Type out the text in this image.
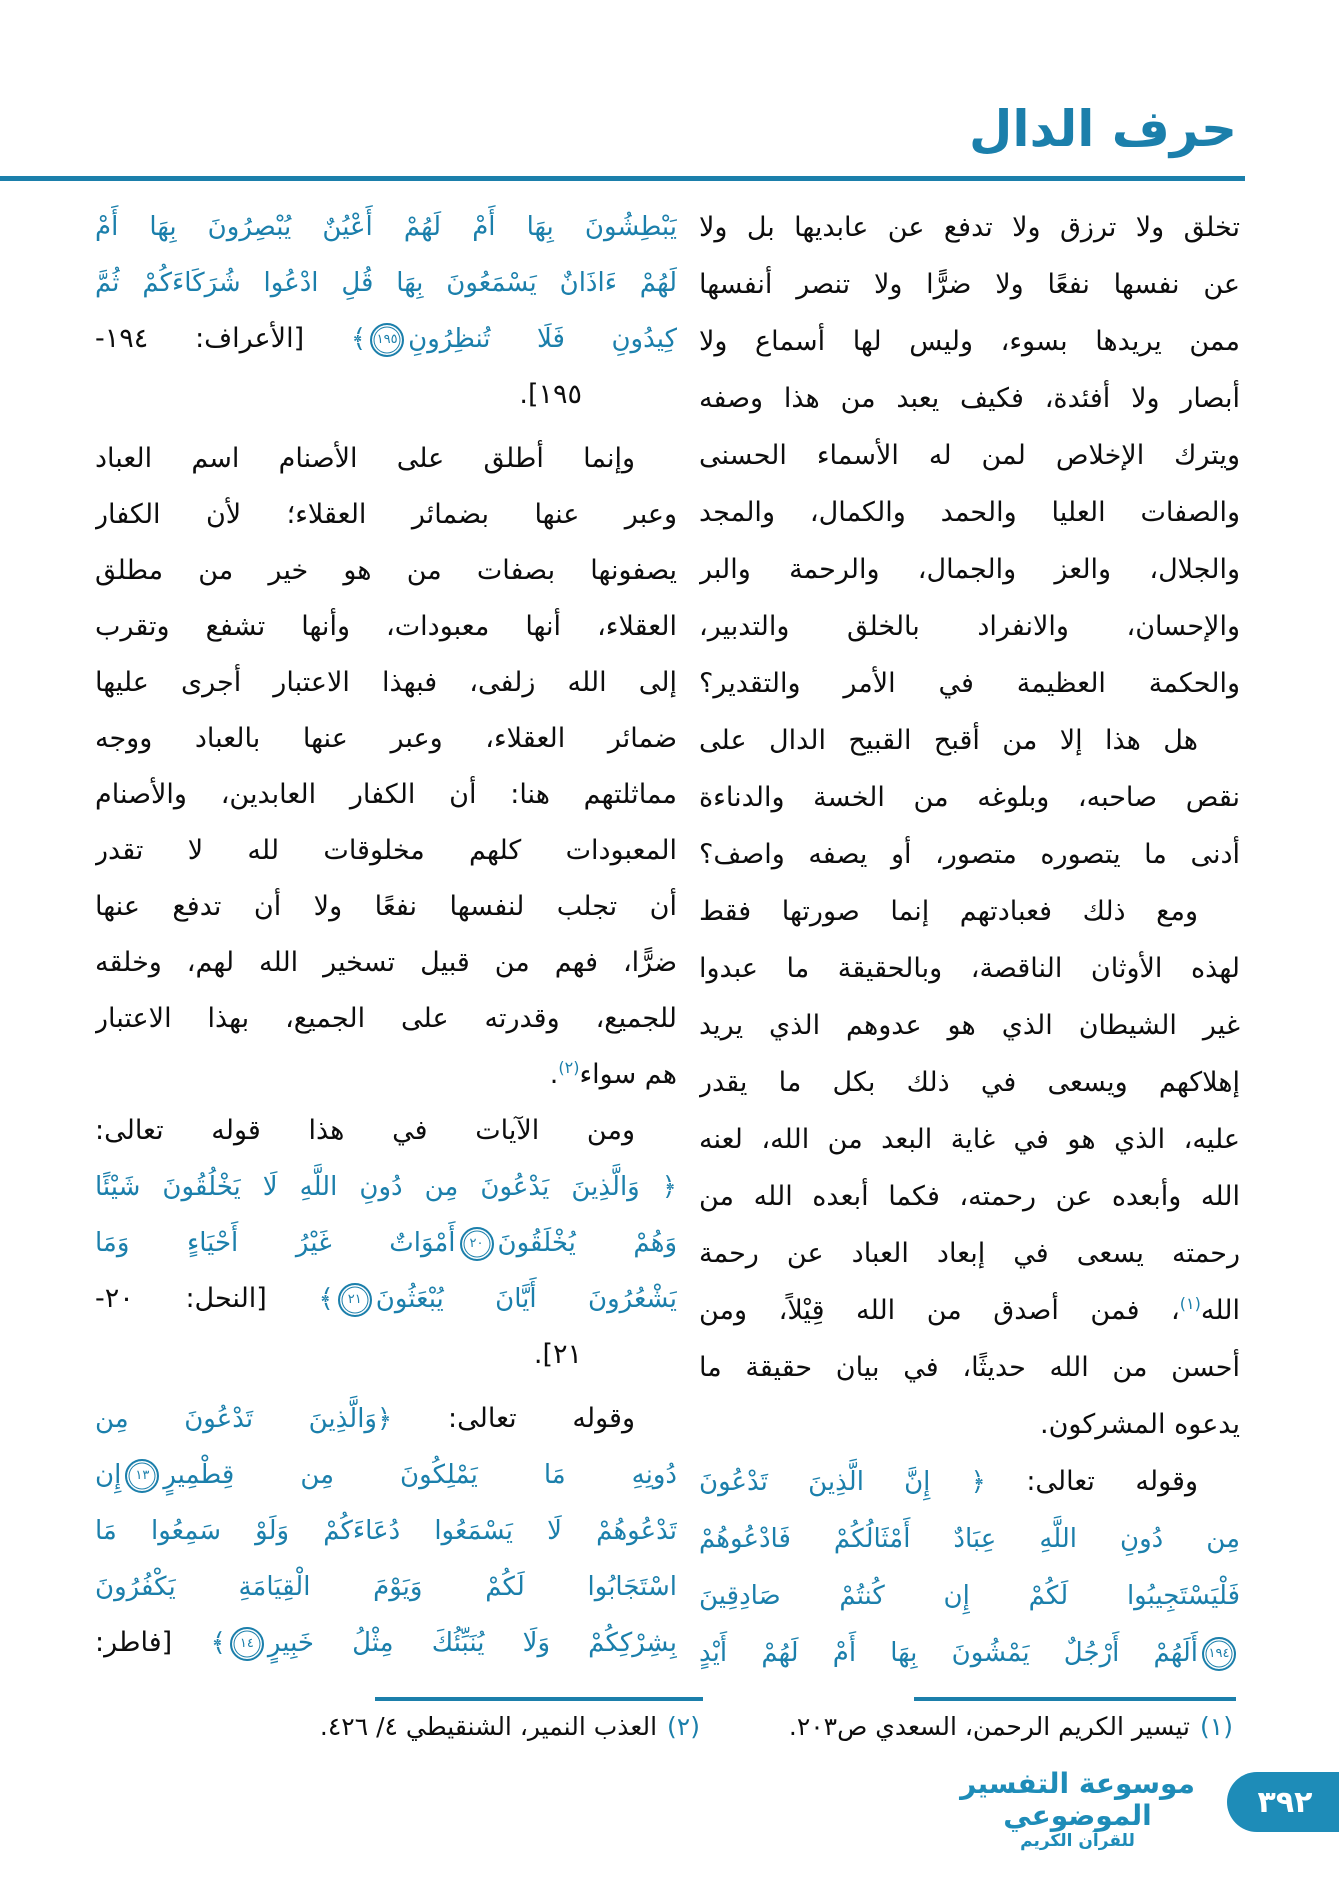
حرف الدال
تخلق ولا ترزق ولا تدفع عن عابديها بل ولا
عن نفسها نفعًا ولا ضرًّا ولا تنصر أنفسها
ممن يريدها بسوء، وليس لها أسماع ولا
أبصار ولا أفئدة، فكيف يعبد من هذا وصفه
ويترك الإخلاص لمن له الأسماء الحسنى
والصفات العليا والحمد والكمال، والمجد
والجلال، والعز والجمال، والرحمة والبر
والإحسان، والانفراد بالخلق والتدبير،
والحكمة العظيمة في الأمر والتقدير؟
هل هذا إلا من أقبح القبيح الدال على
نقص صاحبه، وبلوغه من الخسة والدناءة
أدنى ما يتصوره متصور، أو يصفه واصف؟
ومع ذلك فعبادتهم إنما صورتها فقط
لهذه الأوثان الناقصة، وبالحقيقة ما عبدوا
غير الشيطان الذي هو عدوهم الذي يريد
إهلاكهم ويسعى في ذلك بكل ما يقدر
عليه، الذي هو في غاية البعد من الله، لعنه
الله وأبعده عن رحمته، فكما أبعده الله من
رحمته يسعى في إبعاد العباد عن رحمة
الله$^{(١)}$، فمن أصدق من الله قِيْلاً، ومن
أحسن من الله حديثًا، في بيان حقيقة ما
يدعوه المشركون.
وقوله تعالى: ﴿ إِنَّ الَّذِينَ تَدْعُونَ
مِن دُونِ اللَّهِ عِبَادٌ أَمْثَالُكُمْ فَادْعُوهُمْ
فَلْيَسْتَجِيبُوا لَكُمْ إِن كُنتُمْ صَادِقِينَ
١٩٤أَلَهُمْ أَرْجُلٌ يَمْشُونَ بِهَا أَمْ لَهُمْ أَيْدٍ
يَبْطِشُونَ بِهَا أَمْ لَهُمْ أَعْيُنٌ يُبْصِرُونَ بِهَا أَمْ
لَهُمْ ءَاذَانٌ يَسْمَعُونَ بِهَا قُلِ ادْعُوا شُرَكَاءَكُمْ ثُمَّ
كِيدُونِ فَلَا تُنظِرُونِ١٩٥﴾ [الأعراف: ١٩٤-
١٩٥].
وإنما أطلق على الأصنام اسم العباد
وعبر عنها بضمائر العقلاء؛ لأن الكفار
يصفونها بصفات من هو خير من مطلق
العقلاء، أنها معبودات، وأنها تشفع وتقرب
إلى الله زلفى، فبهذا الاعتبار أجرى عليها
ضمائر العقلاء، وعبر عنها بالعباد ووجه
مماثلتهم هنا: أن الكفار العابدين، والأصنام
المعبودات كلهم مخلوقات لله لا تقدر
أن تجلب لنفسها نفعًا ولا أن تدفع عنها
ضرًّا، فهم من قبيل تسخير الله لهم، وخلقه
للجميع، وقدرته على الجميع، بهذا الاعتبار
هم سواء$^{(٢)}$.
ومن الآيات في هذا قوله تعالى:
﴿ وَالَّذِينَ يَدْعُونَ مِن دُونِ اللَّهِ لَا يَخْلُقُونَ شَيْئًا
وَهُمْ يُخْلَقُونَ٢٠أَمْوَاتٌ غَيْرُ أَحْيَاءٍ وَمَا
يَشْعُرُونَ أَيَّانَ يُبْعَثُونَ٢١﴾ [النحل: ٢٠-
٢١].
وقوله تعالى: ﴿وَالَّذِينَ تَدْعُونَ مِن
دُونِهِ مَا يَمْلِكُونَ مِن قِطْمِيرٍ١٣إِن
تَدْعُوهُمْ لَا يَسْمَعُوا دُعَاءَكُمْ وَلَوْ سَمِعُوا مَا
اسْتَجَابُوا لَكُمْ وَيَوْمَ الْقِيَامَةِ يَكْفُرُونَ
بِشِرْكِكُمْ وَلَا يُنَبِّئُكَ مِثْلُ خَبِيرٍ١٤﴾ [فاطر:
(١)تيسير الكريم الرحمن، السعدي ص٢٠٣.
(٢)العذب النمير، الشنقيطي ٤/ ٤٢٦.
موسوعة التفسير الموضوعي
للقرآن الكريم
٣٩٢
